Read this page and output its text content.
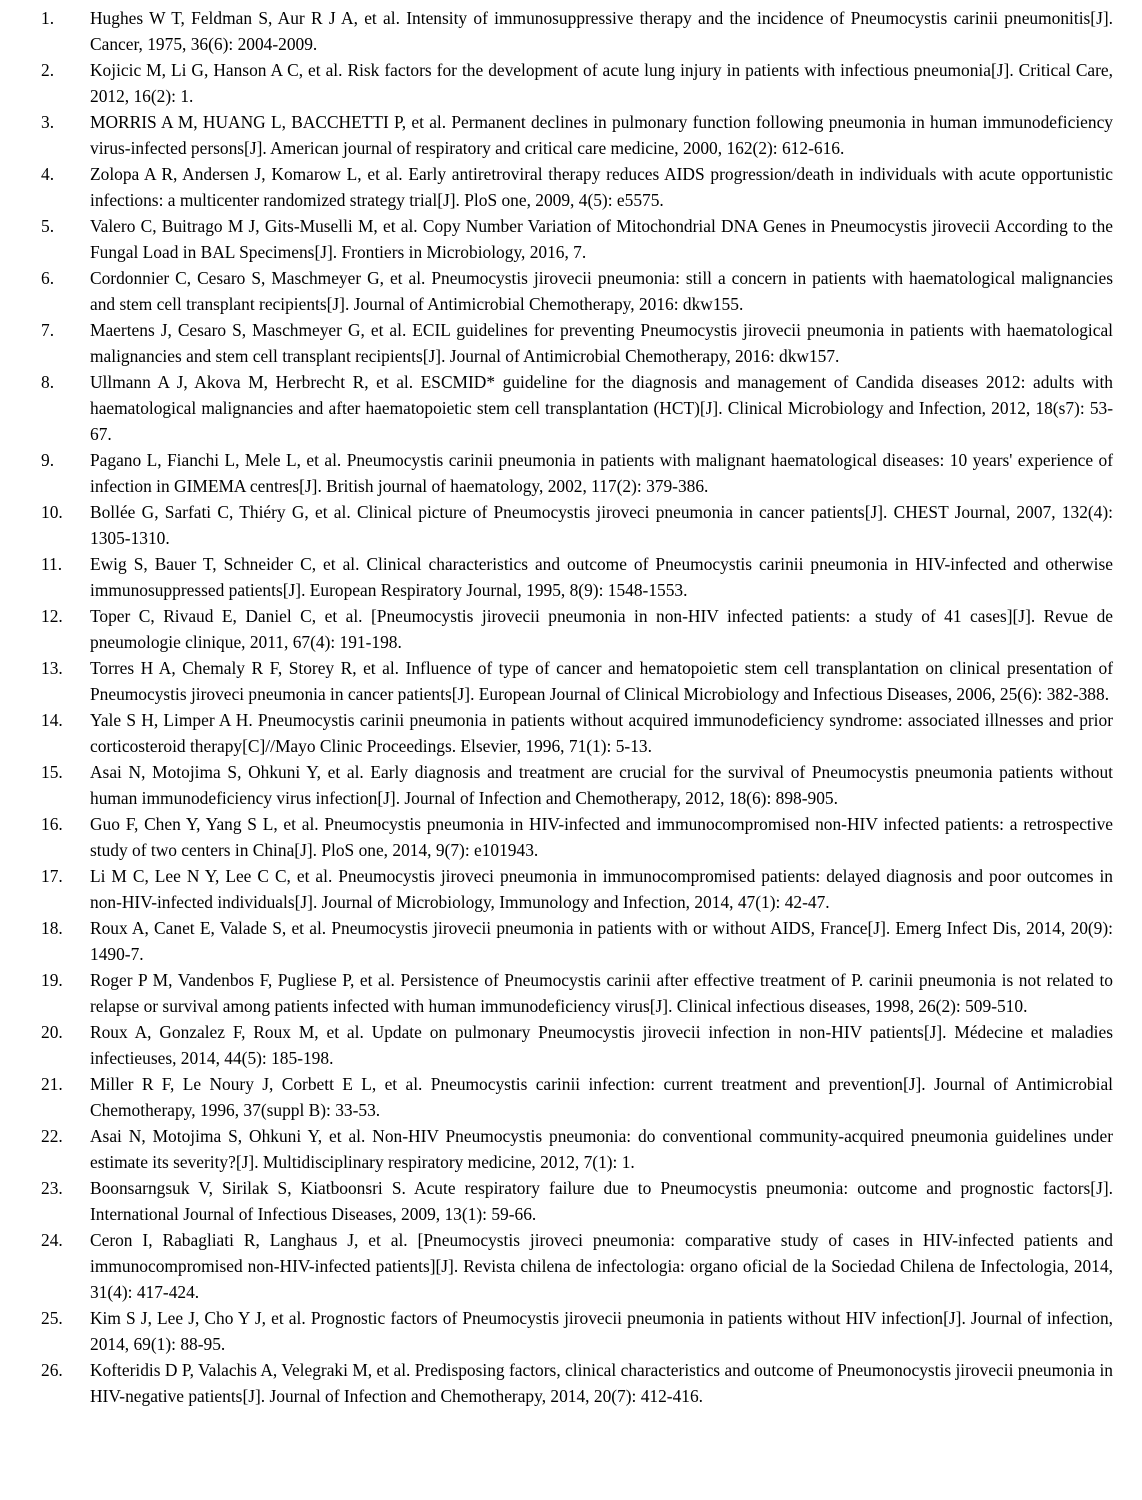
1.	Hughes W T, Feldman S, Aur R J A, et al. Intensity of immunosuppressive therapy and the incidence of Pneumocystis carinii pneumonitis[J]. Cancer, 1975, 36(6): 2004-2009.
2.	Kojicic M, Li G, Hanson A C, et al. Risk factors for the development of acute lung injury in patients with infectious pneumonia[J]. Critical Care, 2012, 16(2): 1.
3.	MORRIS A M, HUANG L, BACCHETTI P, et al. Permanent declines in pulmonary function following pneumonia in human immunodeficiency virus-infected persons[J]. American journal of respiratory and critical care medicine, 2000, 162(2): 612-616.
4.	Zolopa A R, Andersen J, Komarow L, et al. Early antiretroviral therapy reduces AIDS progression/death in individuals with acute opportunistic infections: a multicenter randomized strategy trial[J]. PloS one, 2009, 4(5): e5575.
5.	Valero C, Buitrago M J, Gits-Muselli M, et al. Copy Number Variation of Mitochondrial DNA Genes in Pneumocystis jirovecii According to the Fungal Load in BAL Specimens[J]. Frontiers in Microbiology, 2016, 7.
6.	Cordonnier C, Cesaro S, Maschmeyer G, et al. Pneumocystis jirovecii pneumonia: still a concern in patients with haematological malignancies and stem cell transplant recipients[J]. Journal of Antimicrobial Chemotherapy, 2016: dkw155.
7.	Maertens J, Cesaro S, Maschmeyer G, et al. ECIL guidelines for preventing Pneumocystis jirovecii pneumonia in patients with haematological malignancies and stem cell transplant recipients[J]. Journal of Antimicrobial Chemotherapy, 2016: dkw157.
8.	Ullmann A J, Akova M, Herbrecht R, et al. ESCMID* guideline for the diagnosis and management of Candida diseases 2012: adults with haematological malignancies and after haematopoietic stem cell transplantation (HCT)[J]. Clinical Microbiology and Infection, 2012, 18(s7): 53-67.
9.	Pagano L, Fianchi L, Mele L, et al. Pneumocystis carinii pneumonia in patients with malignant haematological diseases: 10 years' experience of infection in GIMEMA centres[J]. British journal of haematology, 2002, 117(2): 379-386.
10.	Bollée G, Sarfati C, Thiéry G, et al. Clinical picture of Pneumocystis jiroveci pneumonia in cancer patients[J]. CHEST Journal, 2007, 132(4): 1305-1310.
11.	Ewig S, Bauer T, Schneider C, et al. Clinical characteristics and outcome of Pneumocystis carinii pneumonia in HIV-infected and otherwise immunosuppressed patients[J]. European Respiratory Journal, 1995, 8(9): 1548-1553.
12.	Toper C, Rivaud E, Daniel C, et al. [Pneumocystis jirovecii pneumonia in non-HIV infected patients: a study of 41 cases][J]. Revue de pneumologie clinique, 2011, 67(4): 191-198.
13.	Torres H A, Chemaly R F, Storey R, et al. Influence of type of cancer and hematopoietic stem cell transplantation on clinical presentation of Pneumocystis jiroveci pneumonia in cancer patients[J]. European Journal of Clinical Microbiology and Infectious Diseases, 2006, 25(6): 382-388.
14.	Yale S H, Limper A H. Pneumocystis carinii pneumonia in patients without acquired immunodeficiency syndrome: associated illnesses and prior corticosteroid therapy[C]//Mayo Clinic Proceedings. Elsevier, 1996, 71(1): 5-13.
15.	Asai N, Motojima S, Ohkuni Y, et al. Early diagnosis and treatment are crucial for the survival of Pneumocystis pneumonia patients without human immunodeficiency virus infection[J]. Journal of Infection and Chemotherapy, 2012, 18(6): 898-905.
16.	Guo F, Chen Y, Yang S L, et al. Pneumocystis pneumonia in HIV-infected and immunocompromised non-HIV infected patients: a retrospective study of two centers in China[J]. PloS one, 2014, 9(7): e101943.
17.	Li M C, Lee N Y, Lee C C, et al. Pneumocystis jiroveci pneumonia in immunocompromised patients: delayed diagnosis and poor outcomes in non-HIV-infected individuals[J]. Journal of Microbiology, Immunology and Infection, 2014, 47(1): 42-47.
18.	Roux A, Canet E, Valade S, et al. Pneumocystis jirovecii pneumonia in patients with or without AIDS, France[J]. Emerg Infect Dis, 2014, 20(9): 1490-7.
19.	Roger P M, Vandenbos F, Pugliese P, et al. Persistence of Pneumocystis carinii after effective treatment of P. carinii pneumonia is not related to relapse or survival among patients infected with human immunodeficiency virus[J]. Clinical infectious diseases, 1998, 26(2): 509-510.
20.	Roux A, Gonzalez F, Roux M, et al. Update on pulmonary Pneumocystis jirovecii infection in non-HIV patients[J]. Médecine et maladies infectieuses, 2014, 44(5): 185-198.
21.	Miller R F, Le Noury J, Corbett E L, et al. Pneumocystis carinii infection: current treatment and prevention[J]. Journal of Antimicrobial Chemotherapy, 1996, 37(suppl B): 33-53.
22.	Asai N, Motojima S, Ohkuni Y, et al. Non-HIV Pneumocystis pneumonia: do conventional community-acquired pneumonia guidelines under estimate its severity?[J]. Multidisciplinary respiratory medicine, 2012, 7(1): 1.
23.	Boonsarngsuk V, Sirilak S, Kiatboonsri S. Acute respiratory failure due to Pneumocystis pneumonia: outcome and prognostic factors[J]. International Journal of Infectious Diseases, 2009, 13(1): 59-66.
24.	Ceron I, Rabagliati R, Langhaus J, et al. [Pneumocystis jiroveci pneumonia: comparative study of cases in HIV-infected patients and immunocompromised non-HIV-infected patients][J]. Revista chilena de infectologia: organo oficial de la Sociedad Chilena de Infectologia, 2014, 31(4): 417-424.
25.	Kim S J, Lee J, Cho Y J, et al. Prognostic factors of Pneumocystis jirovecii pneumonia in patients without HIV infection[J]. Journal of infection, 2014, 69(1): 88-95.
26.	Kofteridis D P, Valachis A, Velegraki M, et al. Predisposing factors, clinical characteristics and outcome of Pneumonocystis jirovecii pneumonia in HIV-negative patients[J]. Journal of Infection and Chemotherapy, 2014, 20(7): 412-416.
